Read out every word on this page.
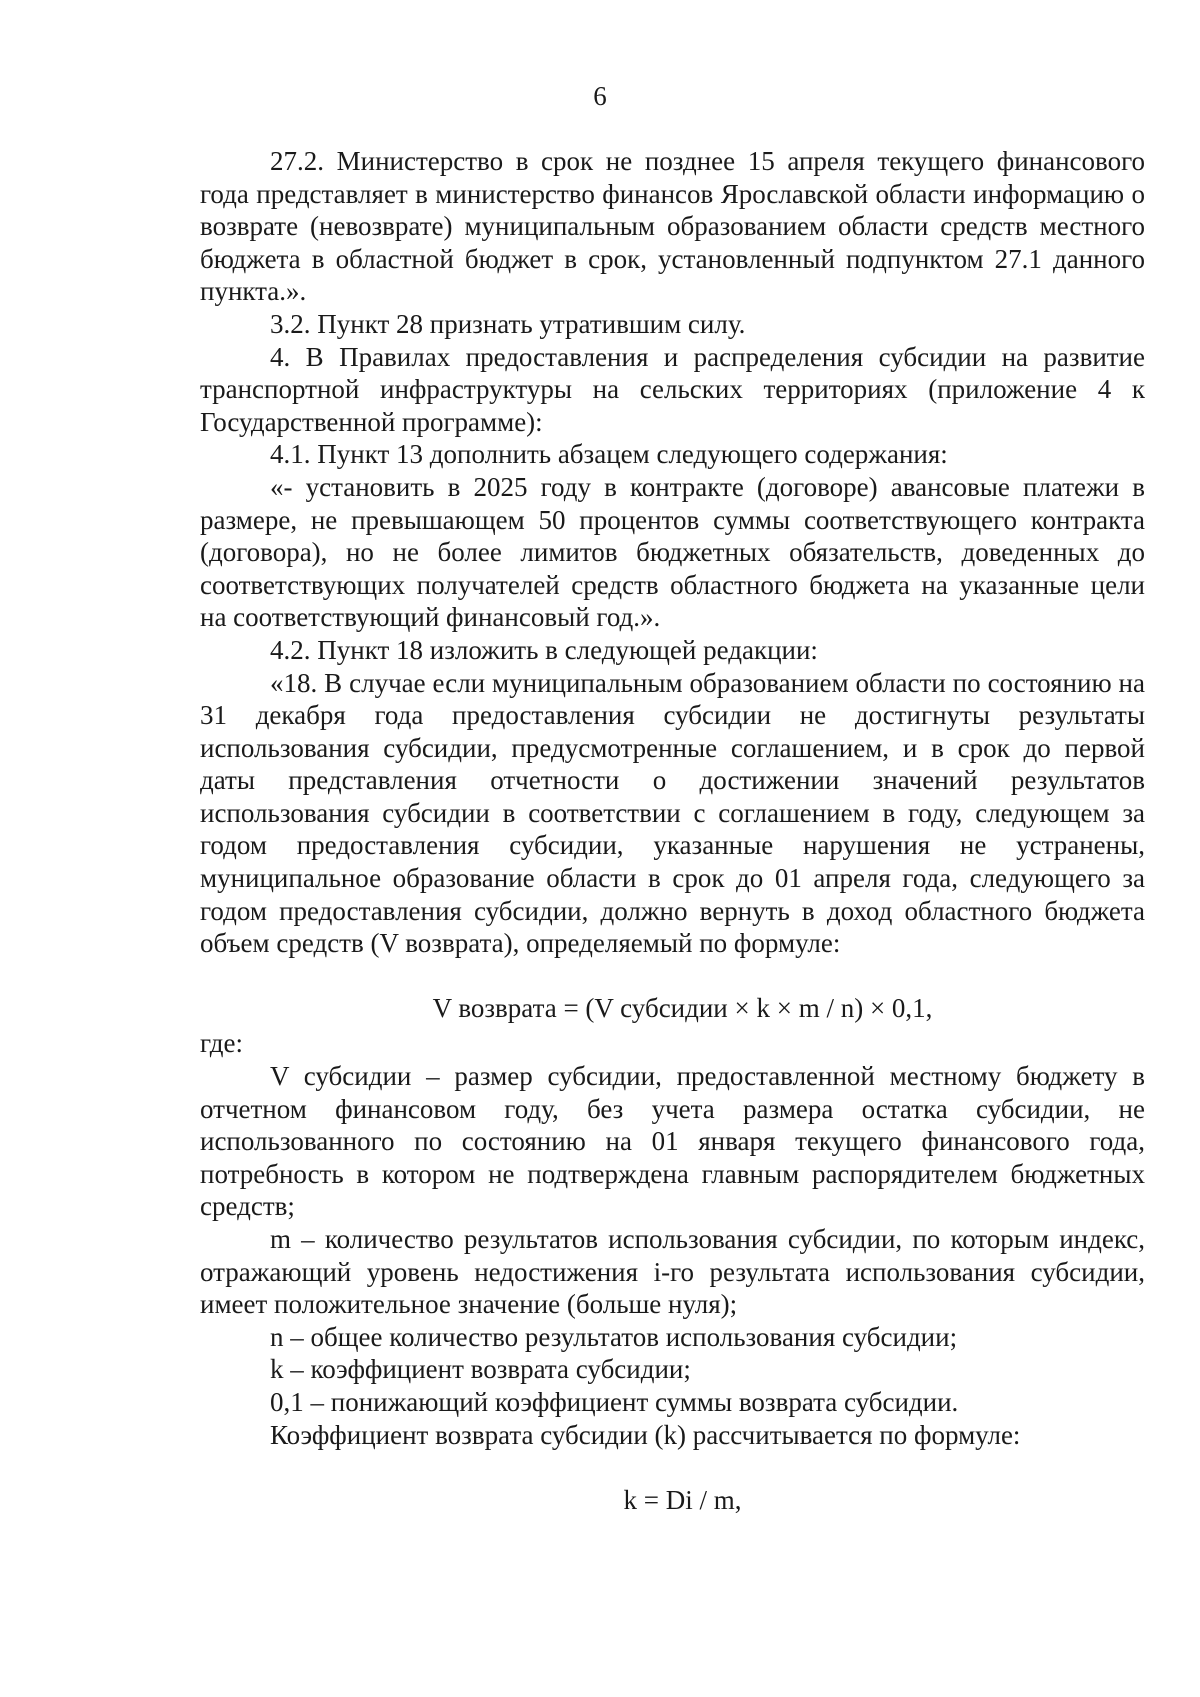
6

27.2. Министерство в срок не позднее 15 апреля текущего финансового года представляет в министерство финансов Ярославской области информацию о возврате (невозврате) муниципальным образованием области средств местного бюджета в областной бюджет в срок, установленный подпунктом 27.1 данного пункта.».

3.2. Пункт 28 признать утратившим силу.

4. В Правилах предоставления и распределения субсидии на развитие транспортной инфраструктуры на сельских территориях (приложение 4 к Государственной программе):

4.1. Пункт 13 дополнить абзацем следующего содержания:

«- установить в 2025 году в контракте (договоре) авансовые платежи в размере, не превышающем 50 процентов суммы соответствующего контракта (договора), но не более лимитов бюджетных обязательств, доведенных до соответствующих получателей средств областного бюджета на указанные цели на соответствующий финансовый год.».

4.2. Пункт 18 изложить в следующей редакции:

«18. В случае если муниципальным образованием области по состоянию на 31 декабря года предоставления субсидии не достигнуты результаты использования субсидии, предусмотренные соглашением, и в срок до первой даты представления отчетности о достижении значений результатов использования субсидии в соответствии с соглашением в году, следующем за годом предоставления субсидии, указанные нарушения не устранены, муниципальное образование области в срок до 01 апреля года, следующего за годом предоставления субсидии, должно вернуть в доход областного бюджета объем средств (V возврата), определяемый по формуле:

V возврата = (V субсидии × k × m / n) × 0,1,

где:

V субсидии – размер субсидии, предоставленной местному бюджету в отчетном финансовом году, без учета размера остатка субсидии, не использованного по состоянию на 01 января текущего финансового года, потребность в котором не подтверждена главным распорядителем бюджетных средств;

m – количество результатов использования субсидии, по которым индекс, отражающий уровень недостижения i-го результата использования субсидии, имеет положительное значение (больше нуля);

n – общее количество результатов использования субсидии;

k – коэффициент возврата субсидии;

0,1 – понижающий коэффициент суммы возврата субсидии.

Коэффициент возврата субсидии (k) рассчитывается по формуле:

k = Di / m,
